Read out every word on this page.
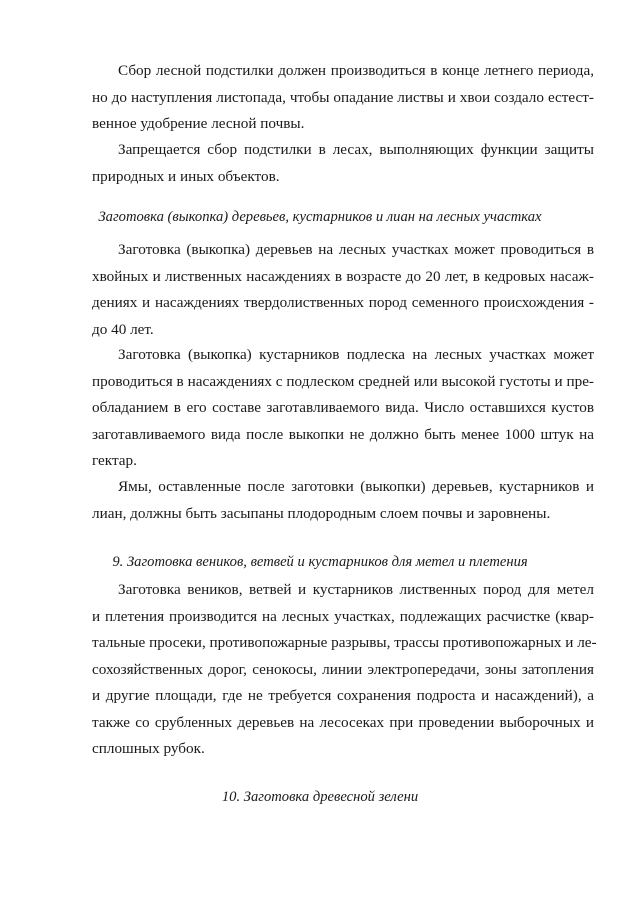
Сбор лесной подстилки должен производиться в конце летнего периода,
но до наступления листопада, чтобы опадание листвы и хвои создало естест-
венное удобрение лесной почвы.
Запрещается сбор подстилки в лесах, выполняющих функции защиты
природных и иных объектов.
Заготовка (выкопка) деревьев, кустарников и лиан на лесных участках
Заготовка (выкопка) деревьев на лесных участках может проводиться в
хвойных и лиственных насаждениях в возрасте до 20 лет, в кедровых насаж-
дениях и насаждениях твердолиственных пород семенного происхождения -
до 40 лет.
Заготовка (выкопка) кустарников подлеска на лесных участках может
проводиться в насаждениях с подлеском средней или высокой густоты и пре-
обладанием в его составе заготавливаемого вида. Число оставшихся кустов
заготавливаемого вида после выкопки не должно быть менее 1000 штук на
гектар.
Ямы, оставленные после заготовки (выкопки) деревьев, кустарников и
лиан, должны быть засыпаны плодородным слоем почвы и заровнены.
9. Заготовка веников, ветвей и кустарников для метел и плетения
Заготовка веников, ветвей и кустарников лиственных пород для метел
и плетения производится на лесных участках, подлежащих расчистке (квар-
тальные просеки, противопожарные разрывы, трассы противопожарных и ле-
сохозяйственных дорог, сенокосы, линии электропередачи, зоны затопления
и другие площади, где не требуется сохранения подроста и насаждений), а
также со срубленных деревьев на лесосеках при проведении выборочных и
сплошных рубок.
10. Заготовка древесной зелени
